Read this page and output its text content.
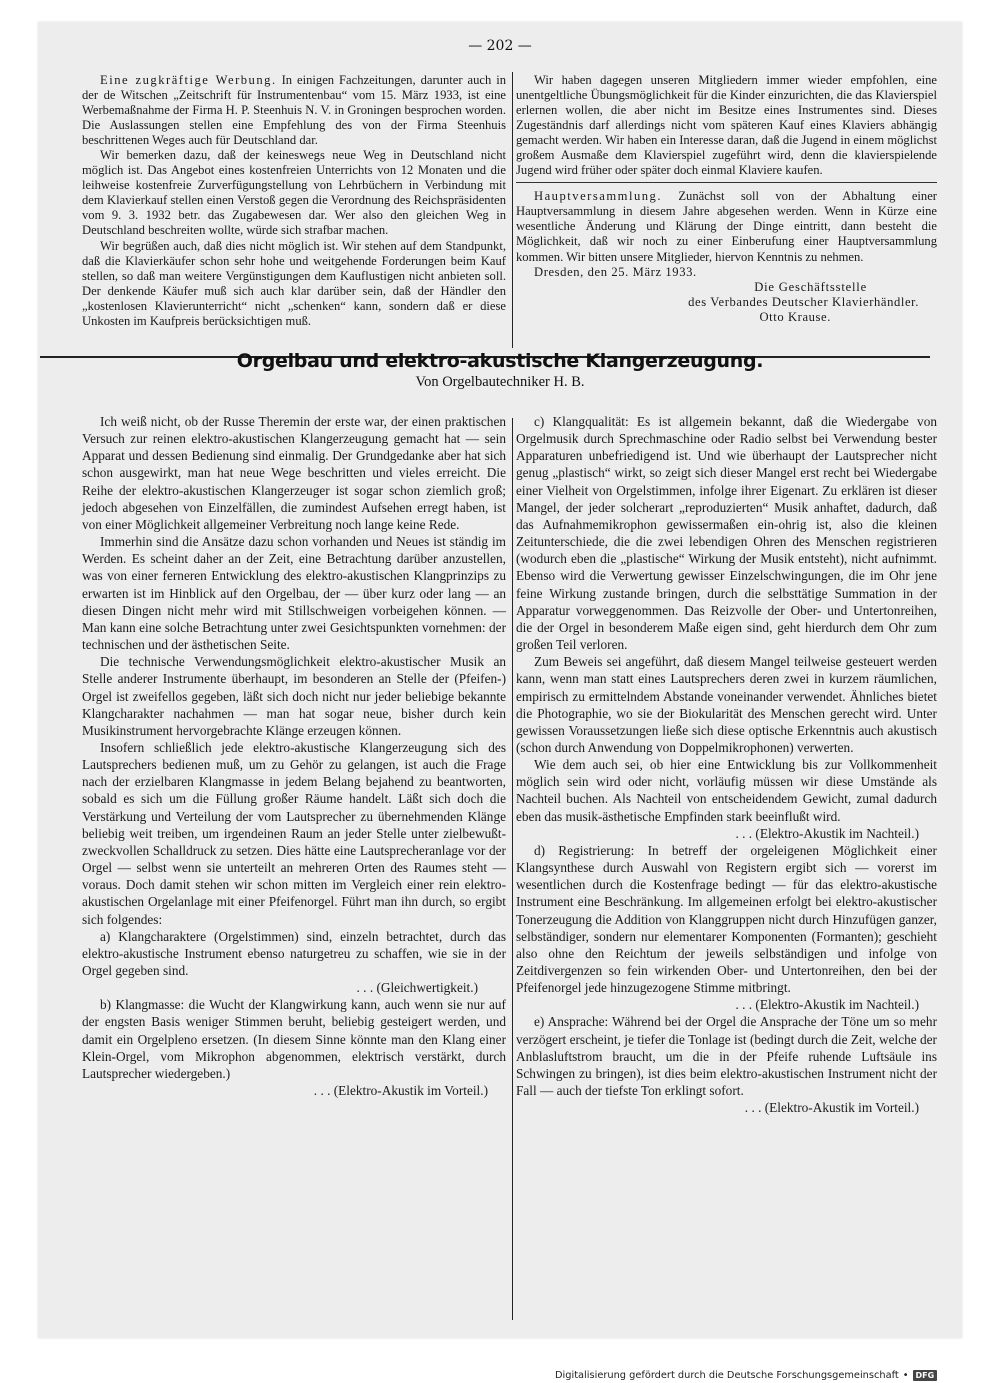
— 202 —

Eine zugkräftige Werbung. In einigen Fachzeitungen, darunter auch in der de Witschen „Zeitschrift für Instrumentenbau“ vom 15. März 1933, ist eine Werbemaßnahme der Firma H. P. Steenhuis N. V. in Groningen besprochen worden. Die Auslassungen stellen eine Empfehlung des von der Firma Steenhuis beschrittenen Weges auch für Deutschland dar.

Wir bemerken dazu, daß der keineswegs neue Weg in Deutschland nicht möglich ist. Das Angebot eines kostenfreien Unterrichts von 12 Monaten und die leihweise kostenfreie Zurverfügungstellung von Lehrbüchern in Verbindung mit dem Klavierkauf stellen einen Verstoß gegen die Verordnung des Reichspräsidenten vom 9. 3. 1932 betr. das Zugabewesen dar. Wer also den gleichen Weg in Deutschland beschreiten wollte, würde sich strafbar machen.

Wir begrüßen auch, daß dies nicht möglich ist. Wir stehen auf dem Standpunkt, daß die Klavierkäufer schon sehr hohe und weitgehende Forderungen beim Kauf stellen, so daß man weitere Vergünstigungen dem Kauflustigen nicht anbieten soll. Der denkende Käufer muß sich auch klar darüber sein, daß der Händler den „kostenlosen Klavierunterricht“ nicht „schenken“ kann, sondern daß er diese Unkosten im Kaufpreis berücksichtigen muß.

Wir haben dagegen unseren Mitgliedern immer wieder empfohlen, eine unentgeltliche Übungsmöglichkeit für die Kinder einzurichten, die das Klavierspiel erlernen wollen, die aber nicht im Besitze eines Instrumentes sind. Dieses Zugeständnis darf allerdings nicht vom späteren Kauf eines Klaviers abhängig gemacht werden. Wir haben ein Interesse daran, daß die Jugend in einem möglichst großem Ausmaße dem Klavierspiel zugeführt wird, denn die klavierspielende Jugend wird früher oder später doch einmal Klaviere kaufen.

Hauptversammlung. Zunächst soll von der Abhaltung einer Hauptversammlung in diesem Jahre abgesehen werden. Wenn in Kürze eine wesentliche Änderung und Klärung der Dinge eintritt, dann besteht die Möglichkeit, daß wir noch zu einer Einberufung einer Hauptversammlung kommen. Wir bitten unsere Mitglieder, hiervon Kenntnis zu nehmen.

Dresden, den 25. März 1933.

Die Geschäftsstelle

des Verbandes Deutscher Klavierhändler.

Otto Krause.

Orgelbau und elektro-akustische Klangerzeugung.
Von Orgelbautechniker H. B.

Ich weiß nicht, ob der Russe Theremin der erste war, der einen praktischen Versuch zur reinen elektro-akustischen Klangerzeugung gemacht hat — sein Apparat und dessen Bedienung sind einmalig. Der Grundgedanke aber hat sich schon ausgewirkt, man hat neue Wege beschritten und vieles erreicht. Die Reihe der elektro-akustischen Klangerzeuger ist sogar schon ziemlich groß; jedoch abgesehen von Einzelfällen, die zumindest Aufsehen erregt haben, ist von einer Möglichkeit allgemeiner Verbreitung noch lange keine Rede.

Immerhin sind die Ansätze dazu schon vorhanden und Neues ist ständig im Werden. Es scheint daher an der Zeit, eine Betrachtung darüber anzustellen, was von einer ferneren Entwicklung des elektro-akustischen Klangprinzips zu erwarten ist im Hinblick auf den Orgelbau, der — über kurz oder lang — an diesen Dingen nicht mehr wird mit Stillschweigen vorbeigehen können. — Man kann eine solche Betrachtung unter zwei Gesichtspunkten vornehmen: der technischen und der ästhetischen Seite.

Die technische Verwendungsmöglichkeit elektro-akustischer Musik an Stelle anderer Instrumente überhaupt, im besonderen an Stelle der (Pfeifen-) Orgel ist zweifellos gegeben, läßt sich doch nicht nur jeder beliebige bekannte Klangcharakter nachahmen — man hat sogar neue, bisher durch kein Musikinstrument hervorgebrachte Klänge erzeugen können.

Insofern schließlich jede elektro-akustische Klangerzeugung sich des Lautsprechers bedienen muß, um zu Gehör zu gelangen, ist auch die Frage nach der erzielbaren Klangmasse in jedem Belang bejahend zu beantworten, sobald es sich um die Füllung großer Räume handelt. Läßt sich doch die Verstärkung und Verteilung der vom Lautsprecher zu übernehmenden Klänge beliebig weit treiben, um irgendeinen Raum an jeder Stelle unter zielbewußt-zweckvollen Schalldruck zu setzen. Dies hätte eine Lautsprecheranlage vor der Orgel — selbst wenn sie unterteilt an mehreren Orten des Raumes steht — voraus. Doch damit stehen wir schon mitten im Vergleich einer rein elektro-akustischen Orgelanlage mit einer Pfeifenorgel. Führt man ihn durch, so ergibt sich folgendes:

a) Klangcharaktere (Orgelstimmen) sind, einzeln betrachtet, durch das elektro-akustische Instrument ebenso naturgetreu zu schaffen, wie sie in der Orgel gegeben sind.

. . . (Gleichwertigkeit.)

b) Klangmasse: die Wucht der Klangwirkung kann, auch wenn sie nur auf der engsten Basis weniger Stimmen beruht, beliebig gesteigert werden, und damit ein Orgelpleno ersetzen. (In diesem Sinne könnte man den Klang einer Klein-Orgel, vom Mikrophon abgenommen, elektrisch verstärkt, durch Lautsprecher wiedergeben.)

. . . (Elektro-Akustik im Vorteil.)

c) Klangqualität: Es ist allgemein bekannt, daß die Wiedergabe von Orgelmusik durch Sprechmaschine oder Radio selbst bei Verwendung bester Apparaturen unbefriedigend ist. Und wie überhaupt der Lautsprecher nicht genug „plastisch“ wirkt, so zeigt sich dieser Mangel erst recht bei Wiedergabe einer Vielheit von Orgelstimmen, infolge ihrer Eigenart. Zu erklären ist dieser Mangel, der jeder solcherart „reproduzierten“ Musik anhaftet, dadurch, daß das Aufnahmemikrophon gewissermaßen ein-ohrig ist, also die kleinen Zeitunterschiede, die die zwei lebendigen Ohren des Menschen registrieren (wodurch eben die „plastische“ Wirkung der Musik entsteht), nicht aufnimmt. Ebenso wird die Verwertung gewisser Einzelschwingungen, die im Ohr jene feine Wirkung zustande bringen, durch die selbsttätige Summation in der Apparatur vorweggenommen. Das Reizvolle der Ober- und Untertonreihen, die der Orgel in besonderem Maße eigen sind, geht hierdurch dem Ohr zum großen Teil verloren.

Zum Beweis sei angeführt, daß diesem Mangel teilweise gesteuert werden kann, wenn man statt eines Lautsprechers deren zwei in kurzem räumlichen, empirisch zu ermittelndem Abstande voneinander verwendet. Ähnliches bietet die Photographie, wo sie der Biokularität des Menschen gerecht wird. Unter gewissen Voraussetzungen ließe sich diese optische Erkenntnis auch akustisch (schon durch Anwendung von Doppelmikrophonen) verwerten.

Wie dem auch sei, ob hier eine Entwicklung bis zur Vollkommenheit möglich sein wird oder nicht, vorläufig müssen wir diese Umstände als Nachteil buchen. Als Nachteil von entscheidendem Gewicht, zumal dadurch eben das musik-ästhetische Empfinden stark beeinflußt wird.

. . . (Elektro-Akustik im Nachteil.)

d) Registrierung: In betreff der orgeleigenen Möglichkeit einer Klangsynthese durch Auswahl von Registern ergibt sich — vorerst im wesentlichen durch die Kostenfrage bedingt — für das elektro-akustische Instrument eine Beschränkung. Im allgemeinen erfolgt bei elektro-akustischer Tonerzeugung die Addition von Klanggruppen nicht durch Hinzufügen ganzer, selbständiger, sondern nur elementarer Komponenten (Formanten); geschieht also ohne den Reichtum der jeweils selbständigen und infolge von Zeitdivergenzen so fein wirkenden Ober- und Untertonreihen, den bei der Pfeifenorgel jede hinzugezogene Stimme mitbringt.

. . . (Elektro-Akustik im Nachteil.)

e) Ansprache: Während bei der Orgel die Ansprache der Töne um so mehr verzögert erscheint, je tiefer die Tonlage ist (bedingt durch die Zeit, welche der Anblasluftstrom braucht, um die in der Pfeife ruhende Luftsäule ins Schwingen zu bringen), ist dies beim elektro-akustischen Instrument nicht der Fall — auch der tiefste Ton erklingt sofort.

. . . (Elektro-Akustik im Vorteil.)

Digitalisierung gefördert durch die Deutsche Forschungsgemeinschaft • DFG
